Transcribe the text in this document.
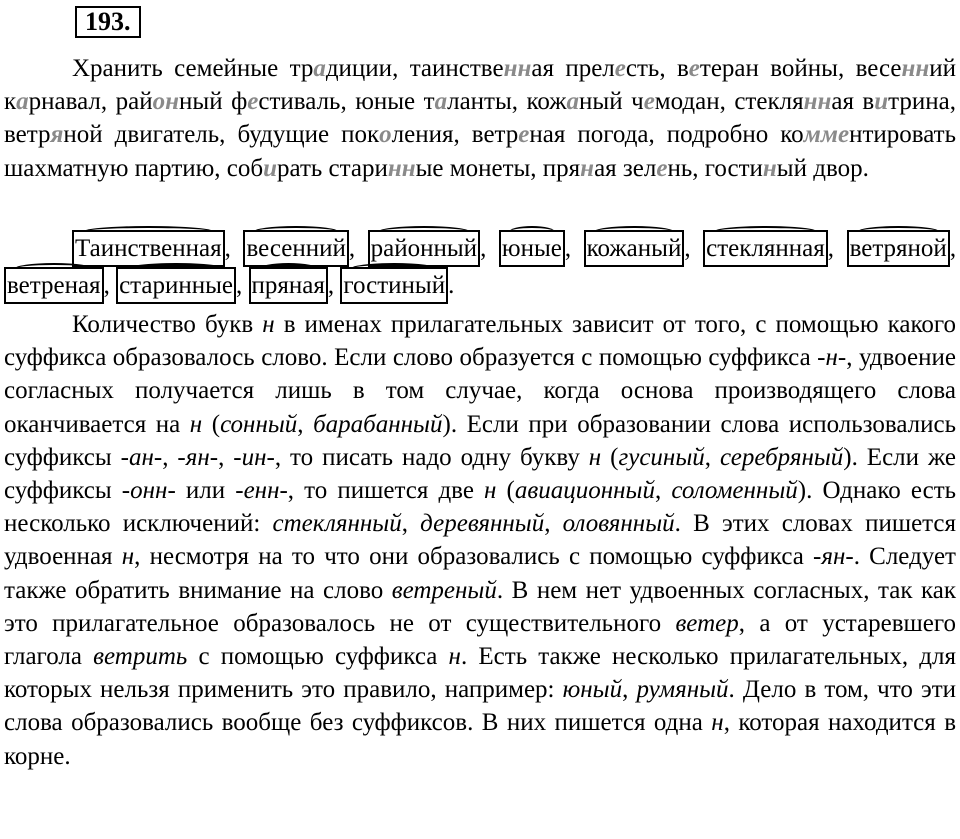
193.

Хранить семейные традиции, таинственная прелесть, ветеран войны, весенний карнавал, районный фестиваль, юные таланты, кожаный чемодан, стеклянная витрина, ветряной двигатель, будущие поколения, ветреная погода, подробно комментировать шахматную партию, собирать старинные монеты, пряная зелень, гостиный двор.

Таинственная , весенний , районный , юные , кожаный , стеклянная , ветряной , ветреная , старинные , пряная , гостиный .

Количество букв н в именах прилагательных зависит от того, с помощью какого суффикса образовалось слово. Если слово образуется с помощью суффикса -н-, удвоение согласных получается лишь в том случае, когда основа производящего слова оканчивается на н (сонный, барабанный). Если при образовании слова использовались суффиксы -ан-, -ян-, -ин-, то писать надо одну букву н (гусиный, серебряный). Если же суффиксы -онн- или -енн-, то пишется две н (авиационный, соломенный). Однако есть несколько исключений: стеклянный, деревянный, оловянный. В этих словах пишется удвоенная н, несмотря на то что они образовались с помощью суффикса -ян-. Следует также обратить внимание на слово ветреный. В нем нет удвоенных согласных, так как это прилагательное образовалось не от существительного ветер, а от устаревшего глагола ветрить с помощью суффикса н. Есть также несколько прилагательных, для которых нельзя применить это правило, например: юный, румяный. Дело в том, что эти слова образовались вообще без суффиксов. В них пишется одна н, которая находится в корне.
